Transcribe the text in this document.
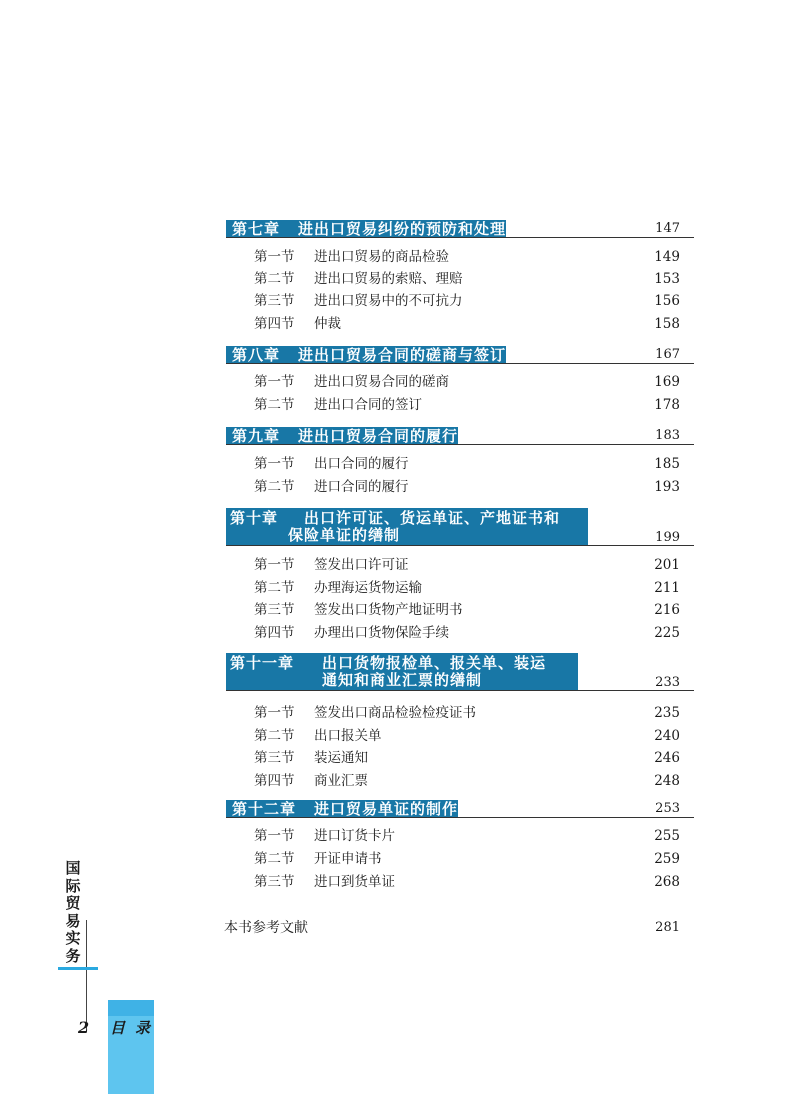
第七章 进出口贸易纠纷的预防和处理	147
第一节 进出口贸易的商品检验	149
第二节 进出口贸易的索赔、理赔	153
第三节 进出口贸易中的不可抗力	156
第四节 仲裁	158
第八章 进出口贸易合同的磋商与签订	167
第一节 进出口贸易合同的磋商	169
第二节 进出口合同的签订	178
第九章 进出口贸易合同的履行	183
第一节 出口合同的履行	185
第二节 进口合同的履行	193
第十章 出口许可证、货运单证、产地证书和
保险单证的缮制	199
第一节 签发出口许可证	201
第二节 办理海运货物运输	211
第三节 签发出口货物产地证明书	216
第四节 办理出口货物保险手续	225
第十一章 出口货物报检单、报关单、装运
通知和商业汇票的缮制	233
第一节 签发出口商品检验检疫证书	235
第二节 出口报关单	240
第三节 装运通知	246
第四节 商业汇票	248
第十二章 进口贸易单证的制作	253
第一节 进口订货卡片	255
第二节 开证申请书	259
第三节 进口到货单证	268
本书参考文献	281
国际贸易实务
2 目录
